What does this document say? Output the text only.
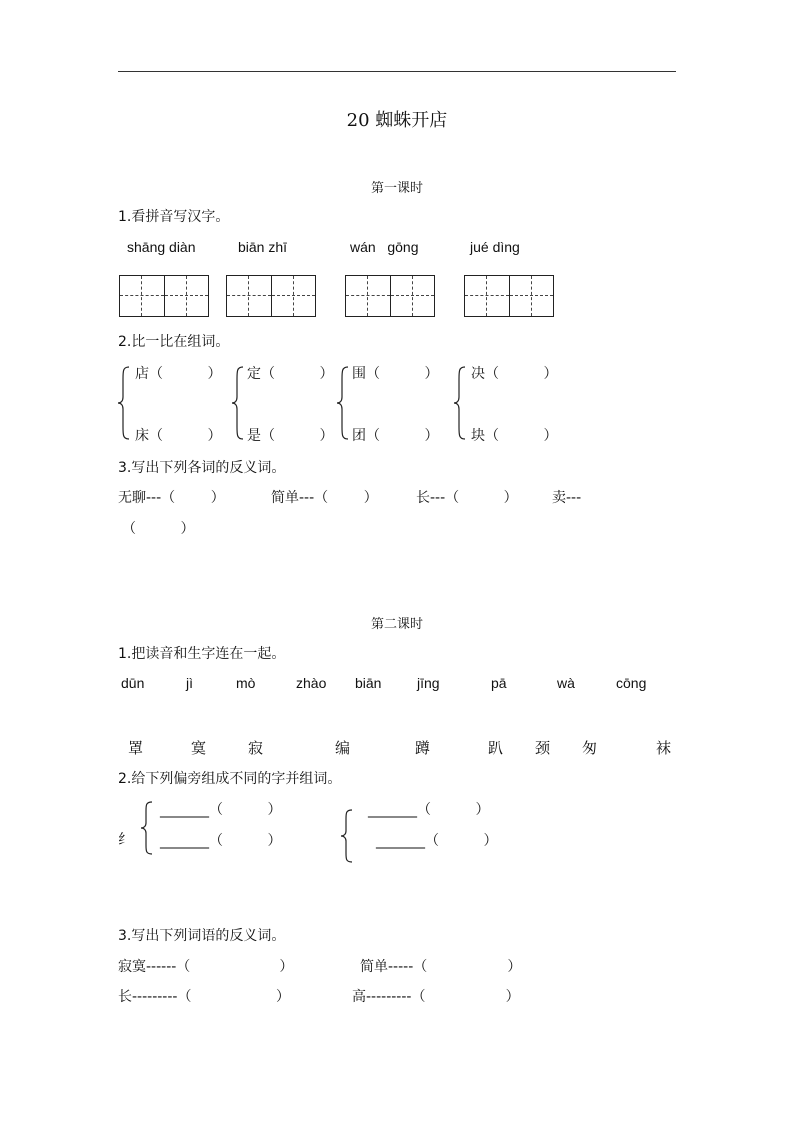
20 蜘蛛开店
第一课时
1.看拼音写汉字。
shāng diàn	biān zhī	wán   gōng	jué dìng
2.比一比在组词。
店（          ）
床（          ）
定（          ）
是（          ）
围（          ）
团（          ）
决（          ）
块（          ）
3.写出下列各词的反义词。
无聊---（        ）	简单---（        ）	长---（          ） 卖---
（          ）
第二课时
1.把读音和生字连在一起。
dūn	jì	mò	zhào biān	jīng	pā	wà	cōng
罩	寞	寂	编	蹲	趴 颈 匆	袜
2.给下列偏旁组成不同的字并组词。
纟
_______（          ）
_______（          ）
_______（          ）
_______（          ）
3.写出下列词语的反义词。
寂寞------（                    ）	简单-----（                  ）
长---------（                   ）	高---------（                  ）
